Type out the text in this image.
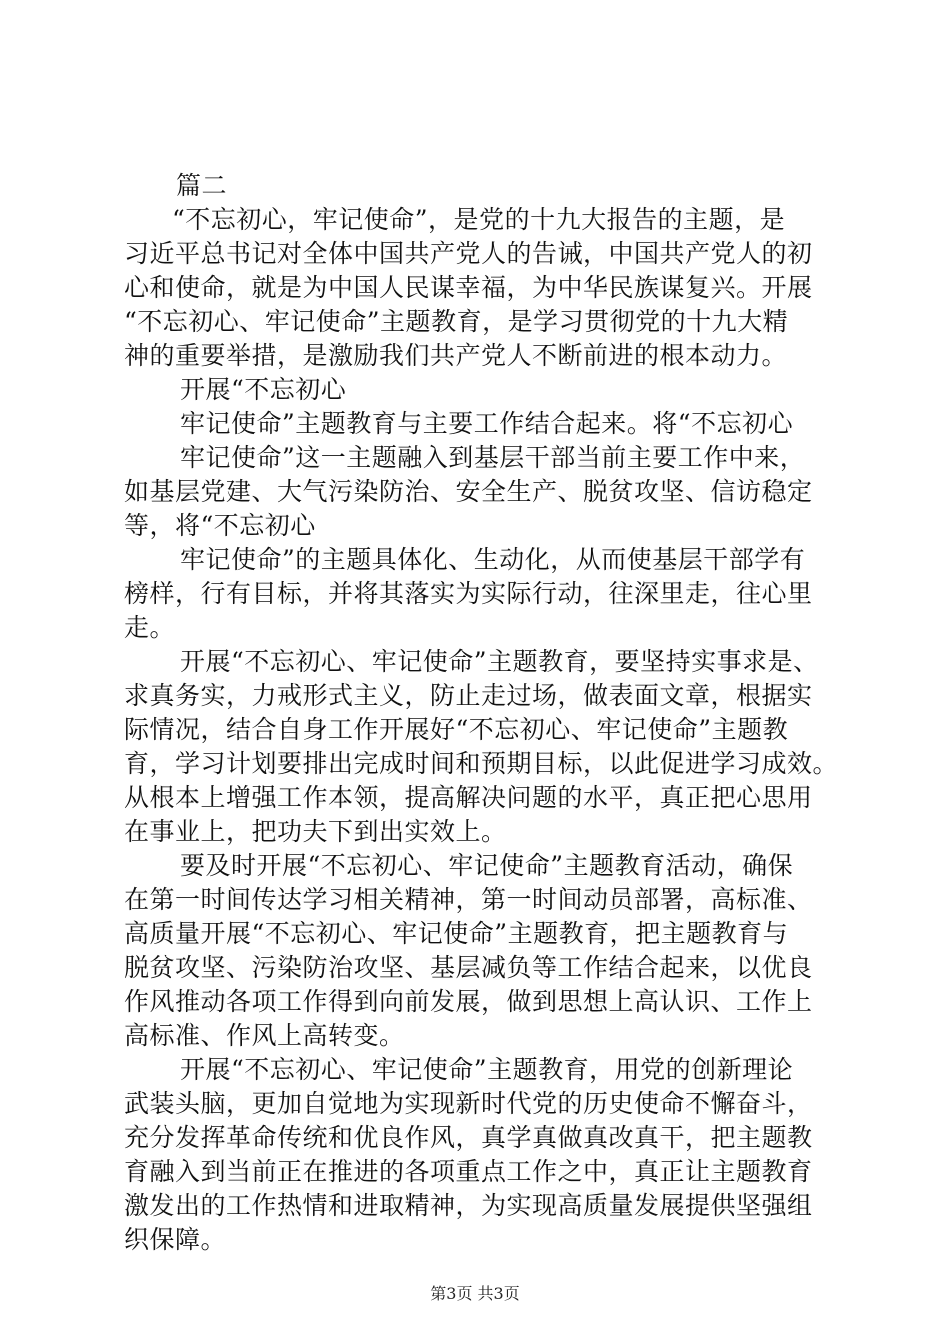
篇二
“不忘初心，牢记使命”，是党的十九大报告的主题，是
习近平总书记对全体中国共产党人的告诫，中国共产党人的初
心和使命，就是为中国人民谋幸福，为中华民族谋复兴。开展
“不忘初心、牢记使命”主题教育，是学习贯彻党的十九大精
神的重要举措，是激励我们共产党人不断前进的根本动力。
开展“不忘初心
牢记使命”主题教育与主要工作结合起来。将“不忘初心
牢记使命”这一主题融入到基层干部当前主要工作中来，
如基层党建、大气污染防治、安全生产、脱贫攻坚、信访稳定
等，将“不忘初心
牢记使命”的主题具体化、生动化，从而使基层干部学有
榜样，行有目标，并将其落实为实际行动，往深里走，往心里
走。
开展“不忘初心、牢记使命”主题教育，要坚持实事求是、
求真务实，力戒形式主义，防止走过场，做表面文章，根据实
际情况，结合自身工作开展好“不忘初心、牢记使命”主题教
育，学习计划要排出完成时间和预期目标，以此促进学习成效。
从根本上增强工作本领，提高解决问题的水平，真正把心思用
在事业上，把功夫下到出实效上。
要及时开展“不忘初心、牢记使命”主题教育活动，确保
在第一时间传达学习相关精神，第一时间动员部署，高标准、
高质量开展“不忘初心、牢记使命”主题教育，把主题教育与
脱贫攻坚、污染防治攻坚、基层减负等工作结合起来，以优良
作风推动各项工作得到向前发展，做到思想上高认识、工作上
高标准、作风上高转变。
开展“不忘初心、牢记使命”主题教育，用党的创新理论
武装头脑，更加自觉地为实现新时代党的历史使命不懈奋斗，
充分发挥革命传统和优良作风，真学真做真改真干，把主题教
育融入到当前正在推进的各项重点工作之中，真正让主题教育
激发出的工作热情和进取精神，为实现高质量发展提供坚强组
织保障。
第3页 共3页
